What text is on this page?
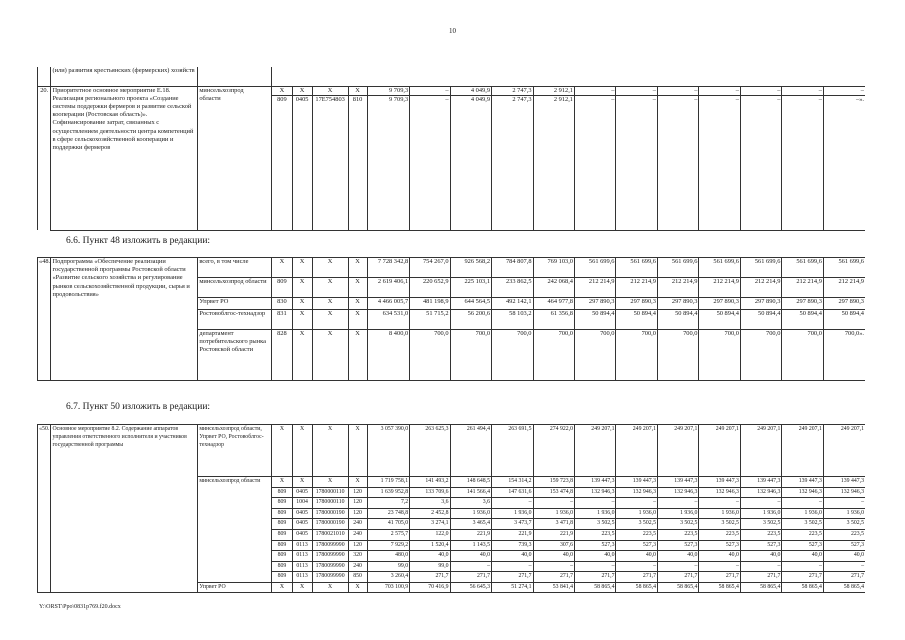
10
	(или) развития крестьянских (фермерских) хозяйств																	
20.	Приоритетное основное мероприятие Е.18. Реализация регионального проекта «Создание системы поддержки фермеров и развитие сельской кооперации (Ростовская область)». Софинансирование затрат, связанных с осуществлением деятельности центра компетенций в сфере сельскохозяйственной кооперации и поддержки фермеров	минсельхозпрод	X	X	X	X	9 709,3	–	4 049,9	2 747,3	2 912,1	–	–	–	–	–	–	–
		области	809	0405	17Е754803	810	9 709,3	–	4 049,9	2 747,3	2 912,1	–	–	–	–	–	–	–».
6.6. Пункт 48 изложить в редакции:
«48.	Подпрограмма «Обеспечение реализации государственной программы Ростовской области «Развитие сельского хозяйства и регулирование рынков сельскохозяйственной продукции, сырья и продовольствия»	всего, в том числе	X	X	X	X	7 728 342,8	754 267,0	926 568,2	784 807,8	769 103,0	561 699,6	561 699,6	561 699,6	561 699,6	561 699,6	561 699,6	561 699,6
		минсельхозпрод области	809	X	X	X	2 619 406,1	220 652,9	225 103,1	233 862,5	242 068,4	212 214,9	212 214,9	212 214,9	212 214,9	212 214,9	212 214,9	212 214,9
		Упрвет РО	830	X	X	X	4 466 005,7	481 198,9	644 564,5	492 142,1	464 977,8	297 890,3	297 890,3	297 890,3	297 890,3	297 890,3	297 890,3	297 890,3
		Ростовоблгос-технадзор	831	X	X	X	634 531,0	51 715,2	56 200,6	58 103,2	61 356,8	50 894,4	50 894,4	50 894,4	50 894,4	50 894,4	50 894,4	50 894,4
		департамент потребительского рынка Ростовской области	828	X	X	X	8 400,0	700,0	700,0	700,0	700,0	700,0	700,0	700,0	700,0	700,0	700,0	700,0».
6.7. Пункт 50 изложить в редакции:
«50.	Основное мероприятие 8.2. Содержание аппаратов управления ответственного исполнителя и участников государственной программы	минсельхозпрод области, Упрвет РО, Ростовоблгос-технадзор	X	X	X	X	3 057 390,0	263 625,3	261 494,4	263 691,5	274 922,0	249 207,1	249 207,1	249 207,1	249 207,1	249 207,1	249 207,1	249 207,1
		минсельхозпрод области	X	X	X	X	1 719 758,1	141 493,2	148 648,5	154 314,2	159 723,8	139 447,3	139 447,3	139 447,3	139 447,3	139 447,3	139 447,3	139 447,3
			809	0405	1780000110	120	1 639 952,8	133 709,6	141 566,4	147 631,6	153 474,8	132 946,3	132 946,3	132 946,3	132 946,3	132 946,3	132 946,3	132 946,3
			809	1004	1780000110	120	7,2	3,6	3,6	–	–	–	–	–	–	–	–	–
			809	0405	1780000190	120	23 748,8	2 452,8	1 936,0	1 936,0	1 936,0	1 936,0	1 936,0	1 936,0	1 936,0	1 936,0	1 936,0	1 936,0
			809	0405	1780000190	240	41 705,0	3 274,1	3 465,4	3 473,7	3 471,8	3 502,5	3 502,5	3 502,5	3 502,5	3 502,5	3 502,5	3 502,5
			809	0405	1780021010	240	2 575,7	122,0	221,9	221,9	221,9	223,5	223,5	223,5	223,5	223,5	223,5	223,5
			809	0113	1780099990	120	7 929,2	1 520,4	1 143,5	739,3	307,6	527,3	527,3	527,3	527,3	527,3	527,3	527,3
			809	0113	1780099990	320	480,0	40,0	40,0	40,0	40,0	40,0	40,0	40,0	40,0	40,0	40,0	40,0
			809	0113	1780099990	240	99,0	99,0	–	–	–	–	–	–	–	–	–	–
			809	0113	1780099990	850	3 260,4	271,7	271,7	271,7	271,7	271,7	271,7	271,7	271,7	271,7	271,7	271,7
		Упрвет РО	X	X	X	X	703 100,9	70 416,9	56 645,3	51 274,1	53 841,4	58 865,4	58 865,4	58 865,4	58 865,4	58 865,4	58 865,4	58 865,4
Y:\ORST\Ppo\0831p769.f20.docx
